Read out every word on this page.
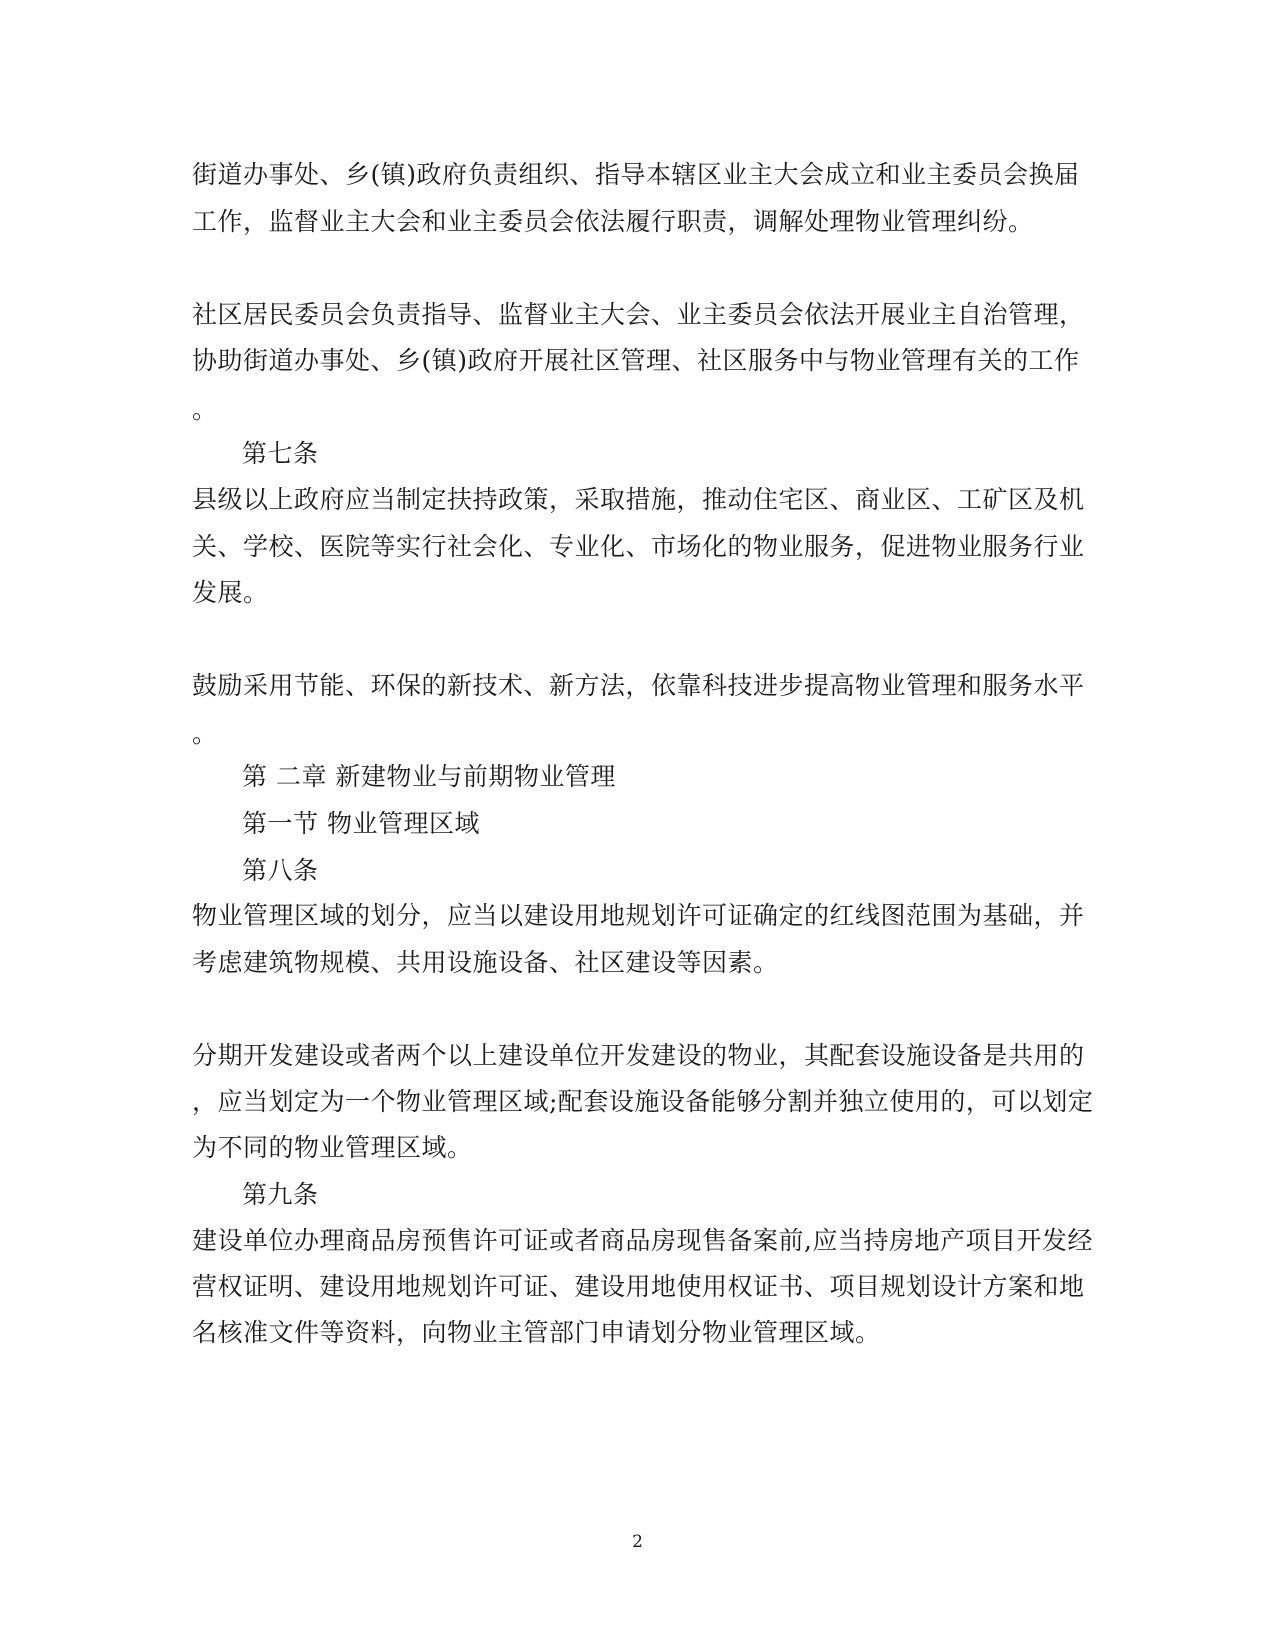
街道办事处、乡(镇)政府负责组织、指导本辖区业主大会成立和业主委员会换届
工作，监督业主大会和业主委员会依法履行职责，调解处理物业管理纠纷。
社区居民委员会负责指导、监督业主大会、业主委员会依法开展业主自治管理，
协助街道办事处、乡(镇)政府开展社区管理、社区服务中与物业管理有关的工作
。
第七条
县级以上政府应当制定扶持政策，采取措施，推动住宅区、商业区、工矿区及机
关、学校、医院等实行社会化、专业化、市场化的物业服务，促进物业服务行业
发展。
鼓励采用节能、环保的新技术、新方法，依靠科技进步提高物业管理和服务水平
。
第 二章 新建物业与前期物业管理
第一节 物业管理区域
第八条
物业管理区域的划分，应当以建设用地规划许可证确定的红线图范围为基础，并
考虑建筑物规模、共用设施设备、社区建设等因素。
分期开发建设或者两个以上建设单位开发建设的物业，其配套设施设备是共用的
，应当划定为一个物业管理区域;配套设施设备能够分割并独立使用的，可以划定
为不同的物业管理区域。
第九条
建设单位办理商品房预售许可证或者商品房现售备案前,应当持房地产项目开发经
营权证明、建设用地规划许可证、建设用地使用权证书、项目规划设计方案和地
名核准文件等资料，向物业主管部门申请划分物业管理区域。
2
